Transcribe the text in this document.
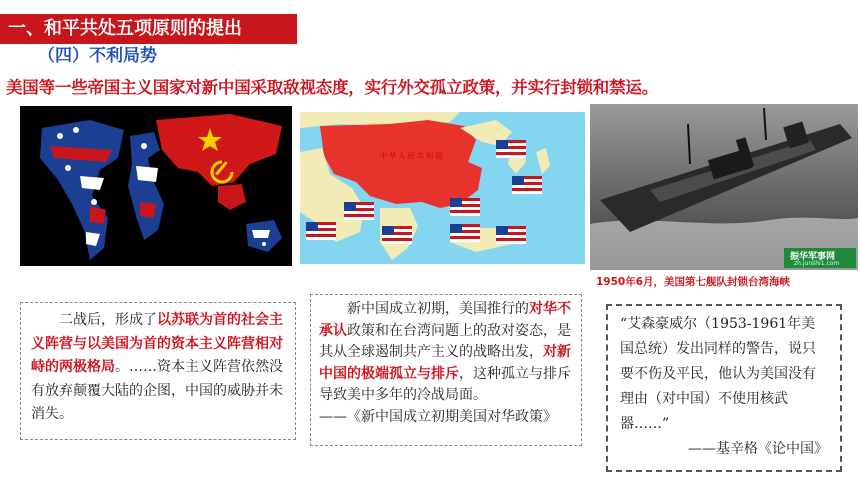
一、和平共处五项原则的提出
（四）不利局势
美国等一些帝国主义国家对新中国采取敌视态度，实行外交孤立政策，并实行封锁和禁运。
中 华 人 民 共 和 国
振华军事网
zh.junshi1.com
1950年6月，美国第七舰队封锁台湾海峡
二战后，形成了以苏联为首的社会主义阵营与以美国为首的资本主义阵营相对峙的两极格局。……资本主义阵营依然没有放弃颠覆大陆的企图，中国的威胁并未消失。
新中国成立初期，美国推行的对华不承认政策和在台湾问题上的敌对姿态，是其从全球遏制共产主义的战略出发，对新中国的极端孤立与排斥，这种孤立与排斥导致美中多年的冷战局面。
——《新中国成立初期美国对华政策》
“艾森豪威尔（1953-1961年美国总统）发出同样的警告，说只要不伤及平民，他认为美国没有理由（对中国）不使用核武器……”
——基辛格《论中国》
